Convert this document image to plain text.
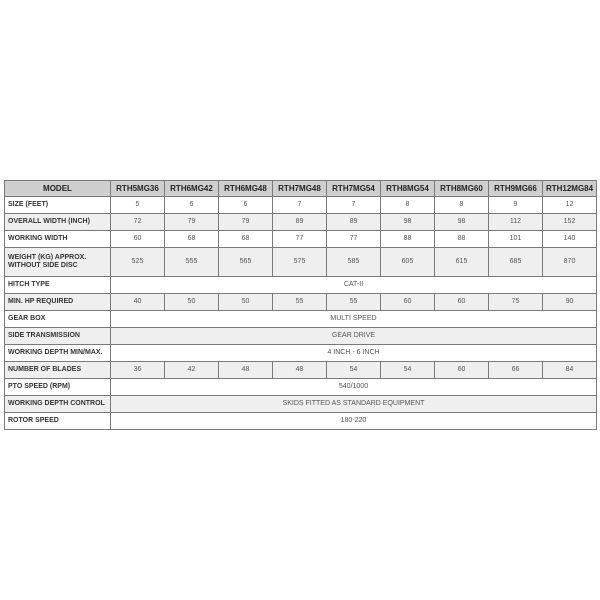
MODEL	RTH5MG36	RTH6MG42	RTH6MG48	RTH7MG48	RTH7MG54	RTH8MG54	RTH8MG60	RTH9MG66	RTH12MG84
SIZE (FEET)	5	6	6	7	7	8	8	9	12
OVERALL WIDTH (INCH)	72	79	79	89	89	98	98	112	152
WORKING WIDTH	60	68	68	77	77	88	88	101	140
WEIGHT (KG) APPROX. WITHOUT SIDE DISC	525	555	565	575	585	605	615	685	870
HITCH TYPE	CAT-II								
MIN. HP REQUIRED	40	50	50	55	55	60	60	75	90
GEAR BOX	MULTI SPEED								
SIDE TRANSMISSION	GEAR DRIVE								
WORKING DEPTH MIN/MAX.	4 INCH - 6 INCH								
NUMBER OF BLADES	36	42	48	48	54	54	60	66	84
PTO SPEED (RPM)	540/1000								
WORKING DEPTH CONTROL	SKIDS FITTED AS STANDARD EQUIPMENT								
ROTOR SPEED	180-220								
